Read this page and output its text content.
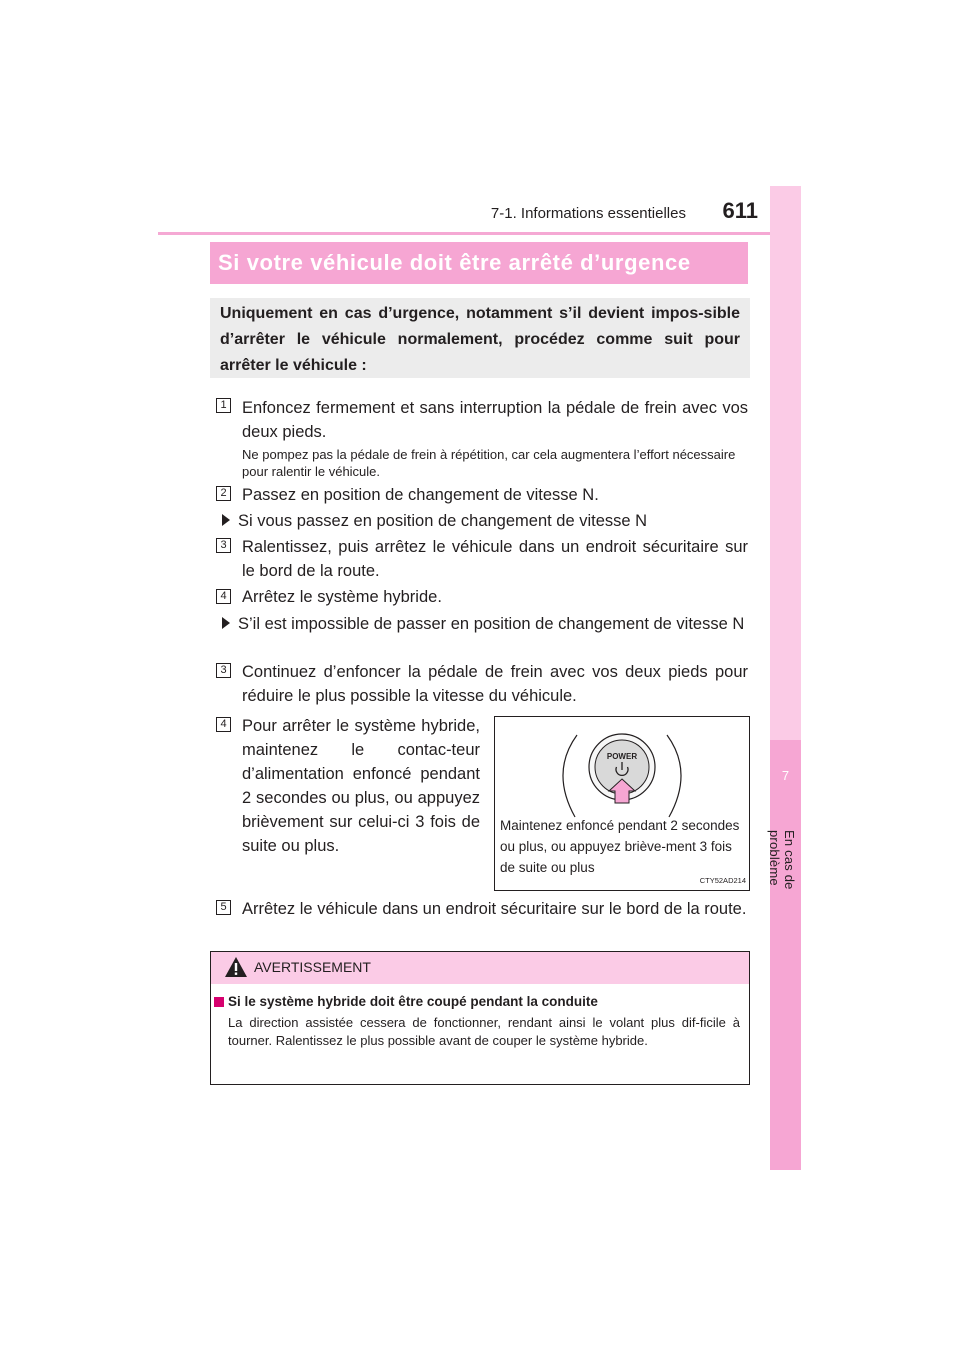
7-1. Informations essentielles	611
7
En cas de problème
Si votre véhicule doit être arrêté d’urgence
Uniquement en cas d’urgence, notamment s’il devient impos-sible d’arrêter le véhicule normalement, procédez comme suit pour arrêter le véhicule :
1 Enfoncez fermement et sans interruption la pédale de frein avec vos deux pieds.
Ne pompez pas la pédale de frein à répétition, car cela augmentera l’effort nécessaire pour ralentir le véhicule.
2 Passez en position de changement de vitesse N.
Si vous passez en position de changement de vitesse N
3 Ralentissez, puis arrêtez le véhicule dans un endroit sécuritaire sur le bord de la route.
4 Arrêtez le système hybride.
S’il est impossible de passer en position de changement de vitesse N
3 Continuez d’enfoncer la pédale de frein avec vos deux pieds pour réduire le plus possible la vitesse du véhicule.
4 Pour arrêter le système hybride, maintenez le contac-teur d’alimentation enfoncé pendant 2 secondes ou plus, ou appuyez brièvement sur celui-ci 3 fois de suite ou plus.
POWER
Maintenez enfoncé pendant 2 secondes ou plus, ou appuyez briève-ment 3 fois de suite ou plus
CTY52AD214
5 Arrêtez le véhicule dans un endroit sécuritaire sur le bord de la route.
AVERTISSEMENT
Si le système hybride doit être coupé pendant la conduite
La direction assistée cessera de fonctionner, rendant ainsi le volant plus dif-ficile à tourner. Ralentissez le plus possible avant de couper le système hybride.
